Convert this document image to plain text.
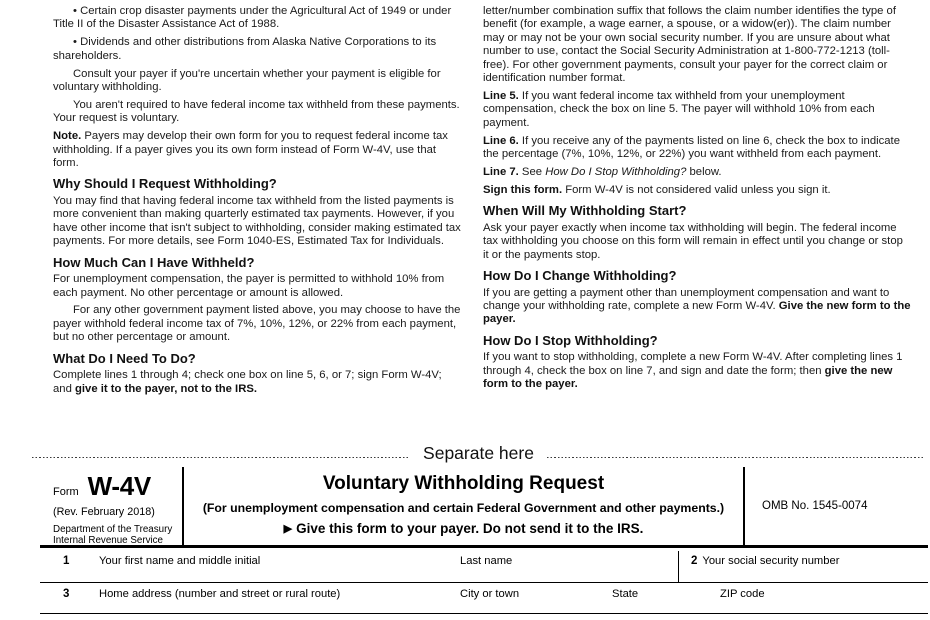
• Certain crop disaster payments under the Agricultural Act of 1949 or under Title II of the Disaster Assistance Act of 1988.

• Dividends and other distributions from Alaska Native Corporations to its shareholders.

Consult your payer if you're uncertain whether your payment is eligible for voluntary withholding.

You aren't required to have federal income tax withheld from these payments. Your request is voluntary.

Note. Payers may develop their own form for you to request federal income tax withholding. If a payer gives you its own form instead of Form W-4V, use that form.

Why Should I Request Withholding?

You may find that having federal income tax withheld from the listed payments is more convenient than making quarterly estimated tax payments. However, if you have other income that isn't subject to withholding, consider making estimated tax payments. For more details, see Form 1040-ES, Estimated Tax for Individuals.

How Much Can I Have Withheld?

For unemployment compensation, the payer is permitted to withhold 10% from each payment. No other percentage or amount is allowed.

For any other government payment listed above, you may choose to have the payer withhold federal income tax of 7%, 10%, 12%, or 22% from each payment, but no other percentage or amount.

What Do I Need To Do?

Complete lines 1 through 4; check one box on line 5, 6, or 7; sign Form W-4V; and give it to the payer, not to the IRS.

letter/number combination suffix that follows the claim number identifies the type of benefit (for example, a wage earner, a spouse, or a widow(er)). The claim number may or may not be your own social security number. If you are unsure about what number to use, contact the Social Security Administration at 1-800-772-1213 (toll-free). For other government payments, consult your payer for the correct claim or identification number format.

Line 5. If you want federal income tax withheld from your unemployment compensation, check the box on line 5. The payer will withhold 10% from each payment.

Line 6. If you receive any of the payments listed on line 6, check the box to indicate the percentage (7%, 10%, 12%, or 22%) you want withheld from each payment.

Line 7. See How Do I Stop Withholding? below.

Sign this form. Form W-4V is not considered valid unless you sign it.

When Will My Withholding Start?

Ask your payer exactly when income tax withholding will begin. The federal income tax withholding you choose on this form will remain in effect until you change or stop it or the payments stop.

How Do I Change Withholding?

If you are getting a payment other than unemployment compensation and want to change your withholding rate, complete a new Form W-4V. Give the new form to the payer.

How Do I Stop Withholding?

If you want to stop withholding, complete a new Form W-4V. After completing lines 1 through 4, check the box on line 7, and sign and date the form; then give the new form to the payer.

Separate here
Form W-4V
(Rev. February 2018)
Department of the Treasury
Internal Revenue Service
Voluntary Withholding Request
(For unemployment compensation and certain Federal Government and other payments.)
▶ Give this form to your payer. Do not send it to the IRS.
OMB No. 1545-0074
1	Your first name and middle initial	Last name	2 Your social security number
3	Home address (number and street or rural route)	City or town	State	ZIP code
